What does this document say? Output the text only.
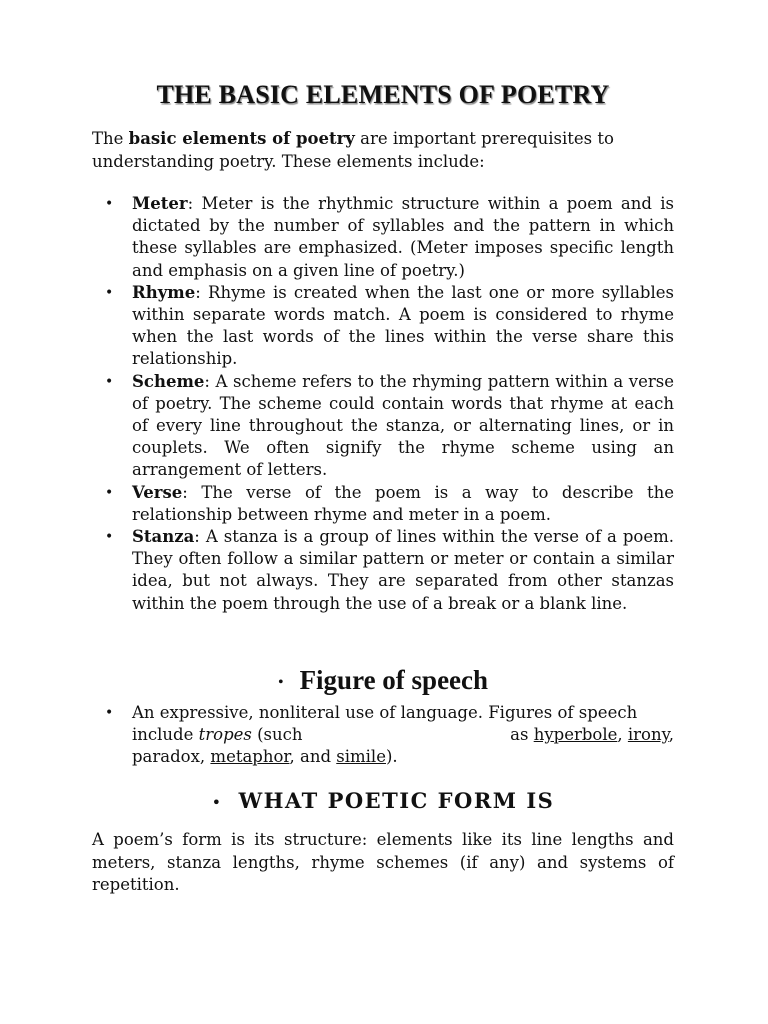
THE BASIC ELEMENTS OF POETRY

The basic elements of poetry are important prerequisites to understanding poetry. These elements include:

• Meter: Meter is the rhythmic structure within a poem and is dictated by the number of syllables and the pattern in which these syllables are emphasized. (Meter imposes specific length and emphasis on a given line of poetry.)
• Rhyme: Rhyme is created when the last one or more syllables within separate words match. A poem is considered to rhyme when the last words of the lines within the verse share this relationship.
• Scheme: A scheme refers to the rhyming pattern within a verse of poetry. The scheme could contain words that rhyme at each of every line throughout the stanza, or alternating lines, or in couplets. We often signify the rhyme scheme using an arrangement of letters.
• Verse: The verse of the poem is a way to describe the relationship between rhyme and meter in a poem.
• Stanza: A stanza is a group of lines within the verse of a poem. They often follow a similar pattern or meter or contain a similar idea, but not always. They are separated from other stanzas within the poem through the use of a break or a blank line.
• Figure of speech
• An expressive, nonliteral use of language. Figures of speech
include tropes (such	as hyperbole, irony,
paradox, metaphor, and simile).
• WHAT POETIC FORM IS

A poem’s form is its structure: elements like its line lengths and meters, stanza lengths, rhyme schemes (if any) and systems of repetition.
